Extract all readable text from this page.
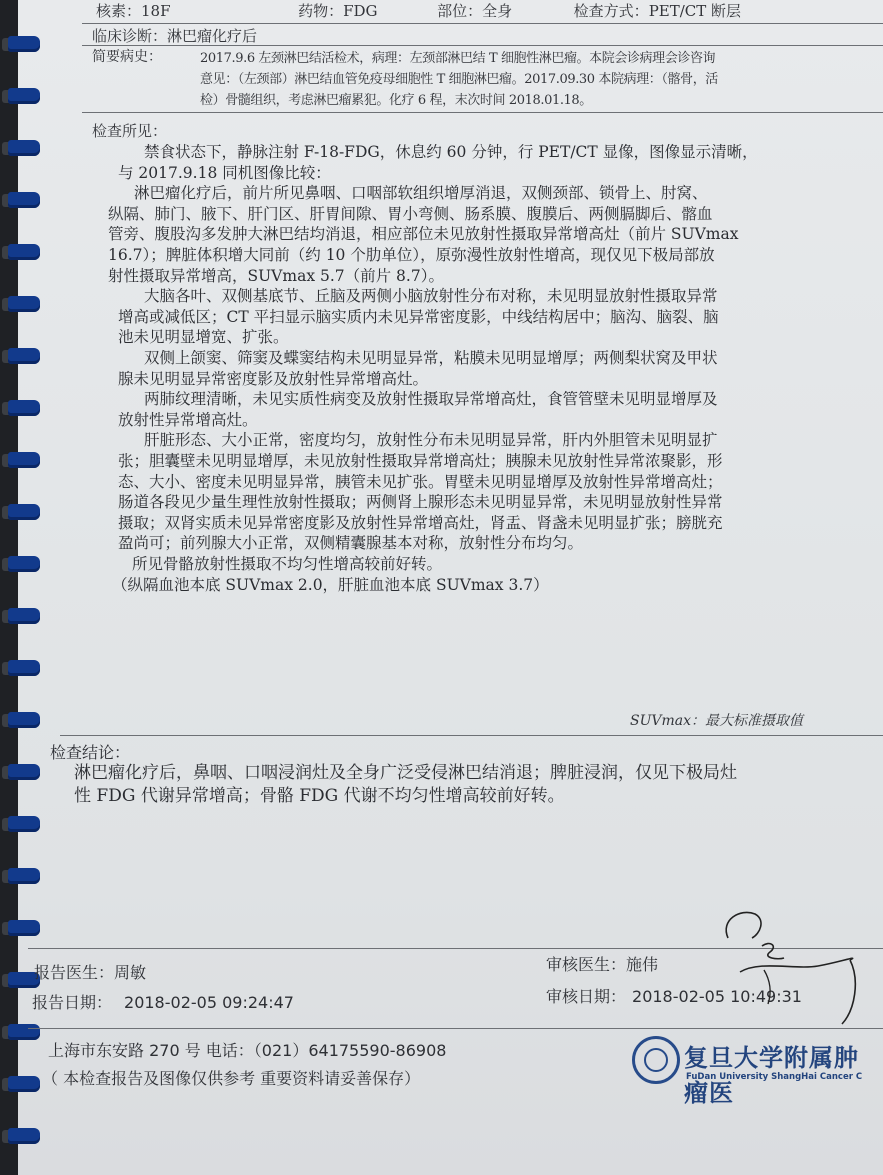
核素：18F	药物：FDG	部位：全身	检查方式：PET/CT 断层
临床诊断：淋巴瘤化疗后
简要病史：	2017.9.6 左颈淋巴结活检术，病理：左颈部淋巴结 T 细胞性淋巴瘤。本院会诊病理会诊咨询
意见：（左颈部）淋巴结血管免疫母细胞性 T 细胞淋巴瘤。2017.09.30 本院病理：（髂骨，活
检）骨髓组织，考虑淋巴瘤累犯。化疗 6 程，末次时间 2018.01.18。
检查所见：
禁食状态下，静脉注射 F-18-FDG，休息约 60 分钟，行 PET/CT 显像，图像显示清晰，
与 2017.9.18 同机图像比较：
淋巴瘤化疗后，前片所见鼻咽、口咽部软组织增厚消退，双侧颈部、锁骨上、肘窝、
纵隔、肺门、腋下、肝门区、肝胃间隙、胃小弯侧、肠系膜、腹膜后、两侧膈脚后、髂血
管旁、腹股沟多发肿大淋巴结均消退，相应部位未见放射性摄取异常增高灶（前片 SUVmax
16.7）；脾脏体积增大同前（约 10 个肋单位），原弥漫性放射性增高，现仅见下极局部放
射性摄取异常增高，SUVmax 5.7（前片 8.7）。
大脑各叶、双侧基底节、丘脑及两侧小脑放射性分布对称，未见明显放射性摄取异常
增高或减低区；CT 平扫显示脑实质内未见异常密度影，中线结构居中；脑沟、脑裂、脑
池未见明显增宽、扩张。
双侧上颌窦、筛窦及蝶窦结构未见明显异常，粘膜未见明显增厚；两侧梨状窝及甲状
腺未见明显异常密度影及放射性异常增高灶。
两肺纹理清晰，未见实质性病变及放射性摄取异常增高灶，食管管壁未见明显增厚及
放射性异常增高灶。
肝脏形态、大小正常，密度均匀，放射性分布未见明显异常，肝内外胆管未见明显扩
张；胆囊壁未见明显增厚，未见放射性摄取异常增高灶；胰腺未见放射性异常浓聚影，形
态、大小、密度未见明显异常，胰管未见扩张。胃壁未见明显增厚及放射性异常增高灶；
肠道各段见少量生理性放射性摄取；两侧肾上腺形态未见明显异常，未见明显放射性异常
摄取；双肾实质未见异常密度影及放射性异常增高灶，肾盂、肾盏未见明显扩张；膀胱充
盈尚可；前列腺大小正常，双侧精囊腺基本对称，放射性分布均匀。
所见骨骼放射性摄取不均匀性增高较前好转。
（纵隔血池本底 SUVmax 2.0，肝脏血池本底 SUVmax 3.7）
SUVmax：最大标准摄取值
检查结论：
淋巴瘤化疗后，鼻咽、口咽浸润灶及全身广泛受侵淋巴结消退；脾脏浸润，仅见下极局灶
性 FDG 代谢异常增高；骨骼 FDG 代谢不均匀性增高较前好转。
报告医生：周敏
报告日期： 2018-02-05 09:24:47
审核医生：施伟
审核日期： 2018-02-05 10:49:31
上海市东安路 270 号 电话：（021）64175590-86908
（ 本检查报告及图像仅供参考 重要资料请妥善保存）
复旦大学附属肿瘤医
FuDan University ShangHai Cancer C
